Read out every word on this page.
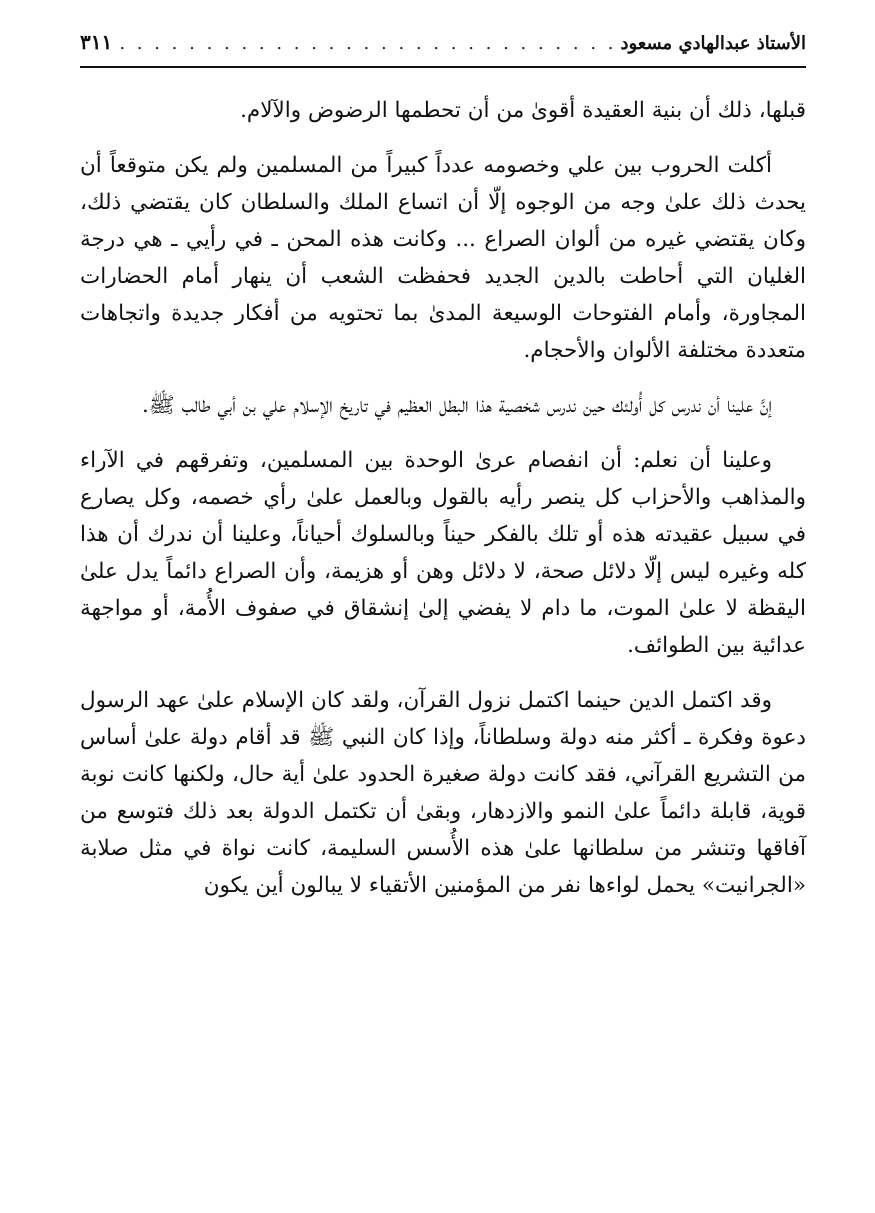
الأستاذ عبدالهادي مسعود
. . .
٣١١

قبلها، ذلك أن بنية العقيدة أقوىٰ من أن تحطمها الرضوض والآلام.

أكلت الحروب بين علي وخصومه عدداً كبيراً من المسلمين ولم يكن متوقعاً أن يحدث ذلك علىٰ وجه من الوجوه إلّا أن اتساع الملك والسلطان كان يقتضي ذلك، وكان يقتضي غيره من ألوان الصراع ... وكانت هذه المحن ـ في رأيي ـ هي درجة الغليان التي أحاطت بالدين الجديد فحفظت الشعب أن ينهار أمام الحضارات المجاورة، وأمام الفتوحات الوسيعة المدىٰ بما تحتويه من أفكار جديدة واتجاهات متعددة مختلفة الألوان والأحجام.

إنَّ علينا أن ندرس كل أُولئك حين ندرس شخصية هذا البطل العظيم في تاريخ الإسلام علي بن أبي طالب ﷺ.

وعلينا أن نعلم: أن انفصام عرىٰ الوحدة بين المسلمين، وتفرقهم في الآراء والمذاهب والأحزاب كل ينصر رأيه بالقول وبالعمل علىٰ رأي خصمه، وكل يصارع في سبيل عقيدته هذه أو تلك بالفكر حيناً وبالسلوك أحياناً، وعلينا أن ندرك أن هذا كله وغيره ليس إلّا دلائل صحة، لا دلائل وهن أو هزيمة، وأن الصراع دائماً يدل علىٰ اليقظة لا علىٰ الموت، ما دام لا يفضي إلىٰ إنشقاق في صفوف الأُمة، أو مواجهة عدائية بين الطوائف.

وقد اكتمل الدين حينما اكتمل نزول القرآن، ولقد كان الإسلام علىٰ عهد الرسول دعوة وفكرة ـ أكثر منه دولة وسلطاناً، وإذا كان النبي ﷺ قد أقام دولة علىٰ أساس من التشريع القرآني، فقد كانت دولة صغيرة الحدود علىٰ أية حال، ولكنها كانت نوبة قوية، قابلة دائماً علىٰ النمو والازدهار، وبقىٰ أن تكتمل الدولة بعد ذلك فتوسع من آفاقها وتنشر من سلطانها علىٰ هذه الأُسس السليمة، كانت نواة في مثل صلابة «الجرانيت» يحمل لواءها نفر من المؤمنين الأتقياء لا يبالون أين يكون
